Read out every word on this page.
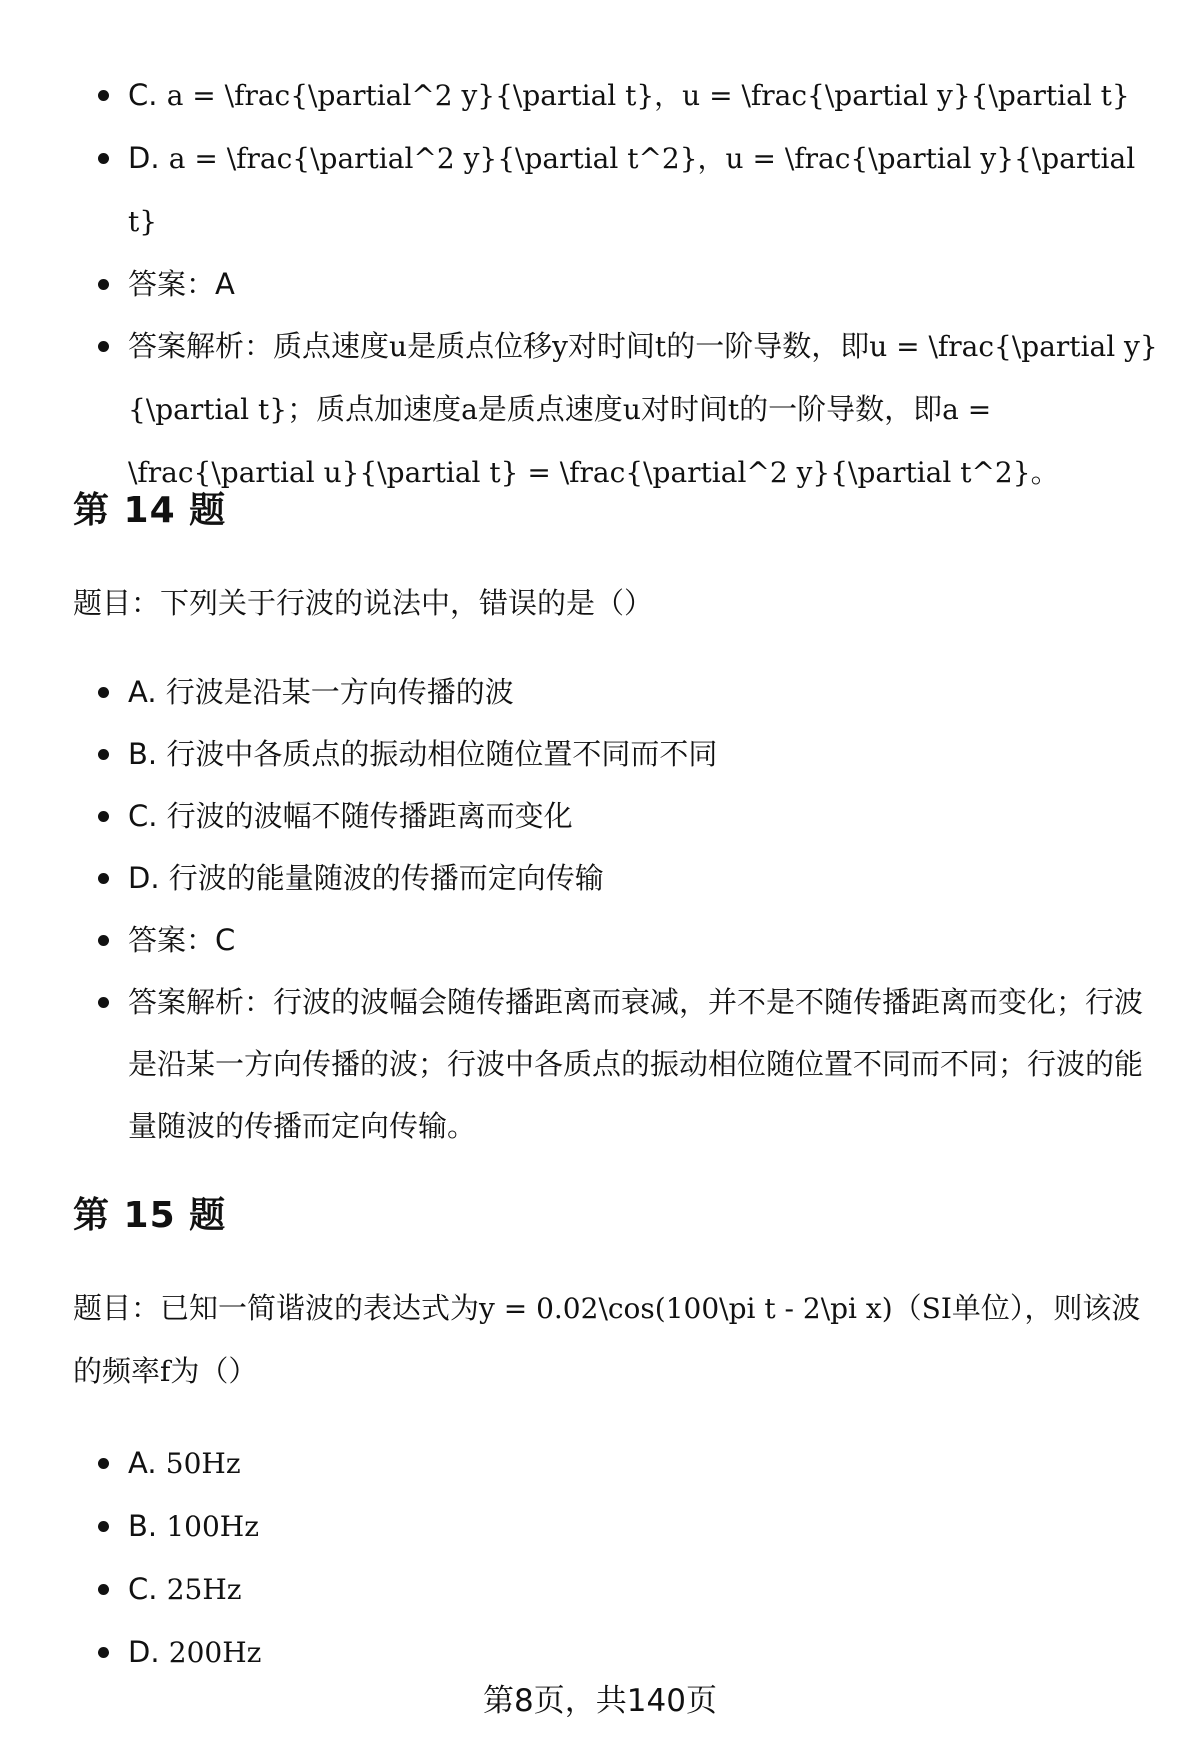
C. a = \frac{\partial^2 y}{\partial t}，u = \frac{\partial y}{\partial t}
D. a = \frac{\partial^2 y}{\partial t^2}，u = \frac{\partial y}{\partial t}
答案：A
答案解析：质点速度u是质点位移y对时间t的一阶导数，即u = \frac{\partial y}{\partial t}；质点加速度a是质点速度u对时间t的一阶导数，即a = \frac{\partial u}{\partial t} = \frac{\partial^2 y}{\partial t^2}。
第 14 题

题目：下列关于行波的说法中，错误的是（）

A. 行波是沿某一方向传播的波
B. 行波中各质点的振动相位随位置不同而不同
C. 行波的波幅不随传播距离而变化
D. 行波的能量随波的传播而定向传输
答案：C
答案解析：行波的波幅会随传播距离而衰减，并不是不随传播距离而变化；行波是沿某一方向传播的波；行波中各质点的振动相位随位置不同而不同；行波的能量随波的传播而定向传输。
第 15 题

题目：已知一简谐波的表达式为y = 0.02\cos(100\pi t - 2\pi x)（SI单位），则该波的频率f为（）

A. 50Hz
B. 100Hz
C. 25Hz
D. 200Hz
第8页，共140页
